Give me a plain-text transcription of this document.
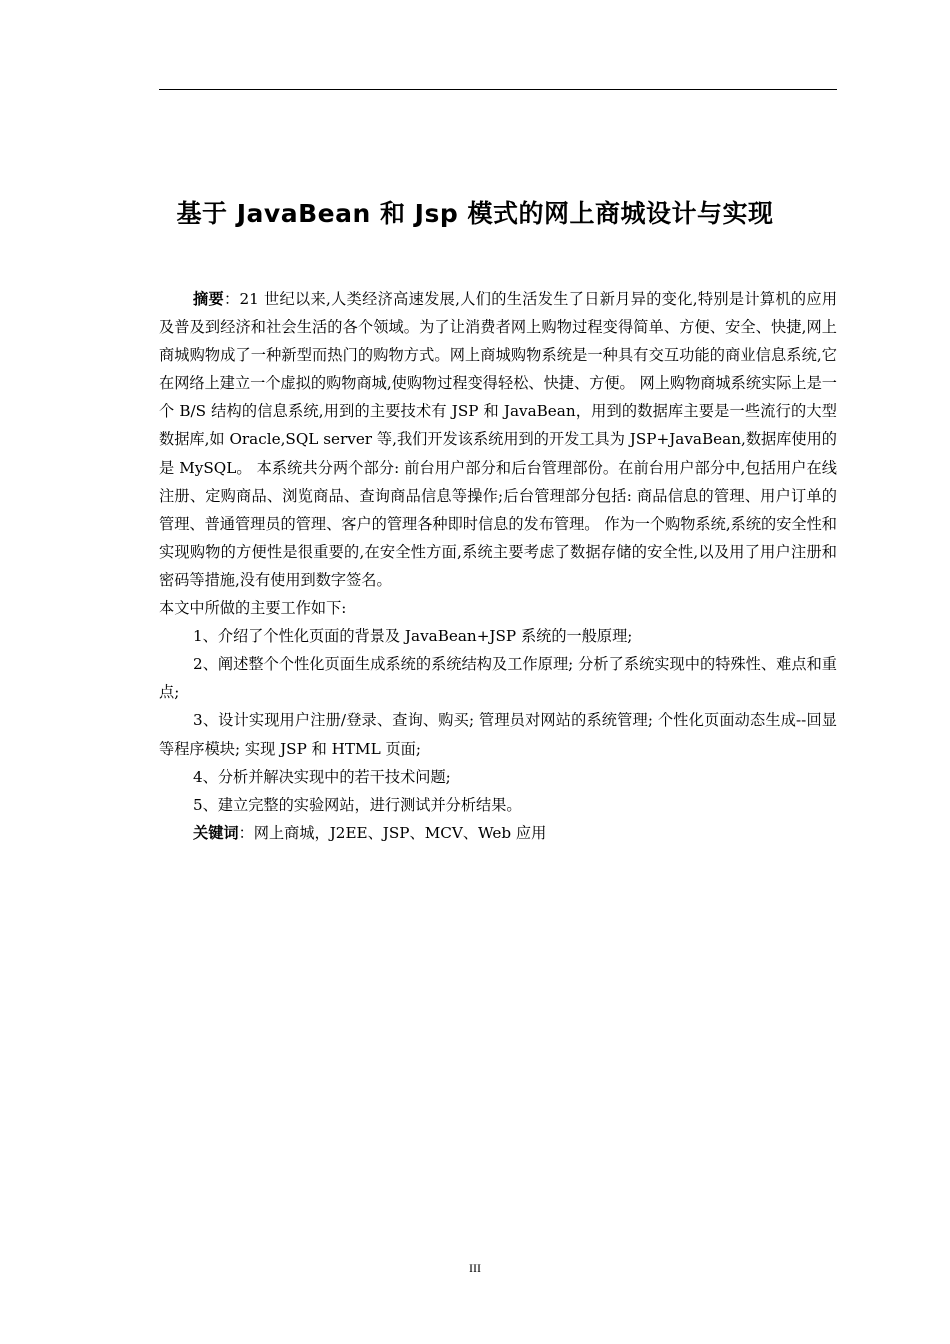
基于 JavaBean 和 Jsp 模式的网上商城设计与实现

摘要：21 世纪以来,人类经济高速发展,人们的生活发生了日新月异的变化,特别是计算机的应用及普及到经济和社会生活的各个领域。为了让消费者网上购物过程变得简单、方便、安全、快捷,网上商城购物成了一种新型而热门的购物方式。网上商城购物系统是一种具有交互功能的商业信息系统,它在网络上建立一个虚拟的购物商城,使购物过程变得轻松、快捷、方便。 网上购物商城系统实际上是一个 B/S 结构的信息系统,用到的主要技术有 JSP 和 JavaBean，用到的数据库主要是一些流行的大型数据库,如 Oracle,SQL server 等,我们开发该系统用到的开发工具为 JSP+JavaBean,数据库使用的是 MySQL。 本系统共分两个部分: 前台用户部分和后台管理部份。在前台用户部分中,包括用户在线注册、定购商品、浏览商品、查询商品信息等操作;后台管理部分包括: 商品信息的管理、用户订单的管理、普通管理员的管理、客户的管理各种即时信息的发布管理。 作为一个购物系统,系统的安全性和实现购物的方便性是很重要的,在安全性方面,系统主要考虑了数据存储的安全性,以及用了用户注册和密码等措施,没有使用到数字签名。

本文中所做的主要工作如下:

1、介绍了个性化页面的背景及 JavaBean+JSP 系统的一般原理;

2、阐述整个个性化页面生成系统的系统结构及工作原理; 分析了系统实现中的特殊性、难点和重点;

3、设计实现用户注册/登录、查询、购买; 管理员对网站的系统管理; 个性化页面动态生成--回显等程序模块; 实现 JSP 和 HTML 页面;

4、分析并解决实现中的若干技术问题;

5、建立完整的实验网站，进行测试并分析结果。

关键词：网上商城，J2EE、JSP、MCV、Web 应用

III
